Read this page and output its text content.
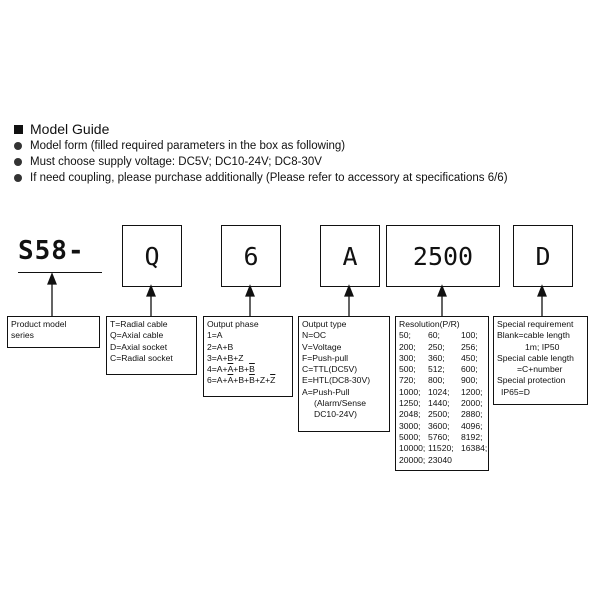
Model Guide
Model form (filled required parameters in the box as following)
Must choose supply voltage: DC5V; DC10-24V; DC8-30V
If need coupling, please purchase additionally (Please refer to accessory at specifications 6/6)
S58-	Q	6	A	2500	D
Product model
series
T=Radial cable
Q=Axial cable
D=Axial socket
C=Radial socket
Output phase
1=A
2=A+B
3=A+B+Z
$4=A+\overline{A}+B+\overline{B}$
$6=A+\overline{A}+B+\overline{B}+Z+\overline{Z}$
Output type
N=OC
V=Voltage
F=Push-pull
C=TTL(DC5V)
E=HTL(DC8-30V)
A=Push-Pull
(Alarm/Sense
DC10-24V)
Resolution(P/R)
50;	60;	100;
200;	250;	256;
300;	360;	450;
500;	512;	600;
720;	800;	900;
1000; 1024;	1200;
1250; 1440;	2000;
2048; 2500;	2880;
3000; 3600;	4096;
5000; 5760;	8192;
10000; 11520; 16384;
20000; 23040
Special requirement
Blank=cable length
1m; IP50
Special cable length
=C+number
Special protection
IP65=D
